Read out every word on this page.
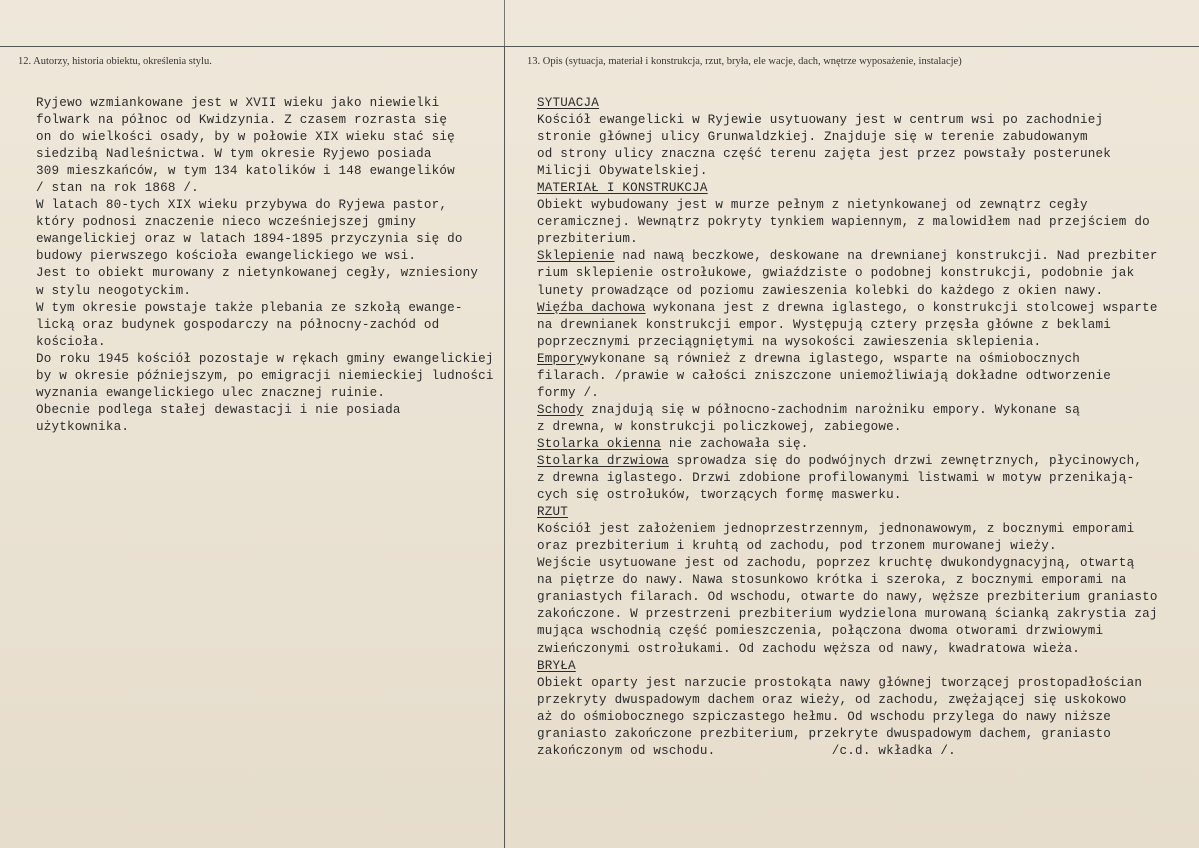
12. Autorzy, historia obiektu, określenia stylu.	13. Opis (sytuacja, materiał i konstrukcja, rzut, bryła, ele wacje, dach, wnętrze wyposażenie, instalacje)
Ryjewo wzmiankowane jest w XVII wieku jako niewielki
folwark na północ od Kwidzynia. Z czasem rozrasta się
on do wielkości osady, by w połowie XIX wieku stać się
siedzibą Nadleśnictwa. W tym okresie Ryjewo posiada
309 mieszkańców, w tym 134 katolików i 148 ewangelików
/ stan na rok 1868 /.
W latach 80-tych XIX wieku przybywa do Ryjewa pastor,
który podnosi znaczenie nieco wcześniejszej gminy
ewangelickiej oraz w latach 1894-1895 przyczynia się do
budowy pierwszego kościoła ewangelickiego we wsi.
Jest to obiekt murowany z nietynkowanej cegły, wzniesiony
w stylu neogotyckim.
W tym okresie powstaje także plebania ze szkołą ewange-
licką oraz budynek gospodarczy na północny-zachód od
kościoła.
Do roku 1945 kościół pozostaje w rękach gminy ewangelickiej
by w okresie późniejszym, po emigracji niemieckiej ludności
wyznania ewangelickiego ulec znacznej ruinie.
Obecnie podlega stałej dewastacji i nie posiada
użytkownika.
SYTUACJA
Kościół ewangelicki w Ryjewie usytuowany jest w centrum wsi po zachodniej
stronie głównej ulicy Grunwaldzkiej. Znajduje się w terenie zabudowanym
od strony ulicy znaczna część terenu zajęta jest przez powstały posterunek
Milicji Obywatelskiej.
MATERIAŁ I KONSTRUKCJA
Obiekt wybudowany jest w murze pełnym z nietynkowanej od zewnątrz cegły
ceramicznej. Wewnątrz pokryty tynkiem wapiennym, z malowidłem nad przejściem do
prezbiterium.
Sklepienie nad nawą beczkowe, deskowane na drewnianej konstrukcji. Nad prezbiter
rium sklepienie ostrołukowe, gwiaździste o podobnej konstrukcji, podobnie jak
lunety prowadzące od poziomu zawieszenia kolebki do każdego z okien nawy.
Więźba dachowa wykonana jest z drewna iglastego, o konstrukcji stolcowej wsparte
na drewnianek konstrukcji empor. Występują cztery przęsła główne z beklami
poprzecznymi przeciągniętymi na wysokości zawieszenia sklepienia.
Emporywykonane są również z drewna iglastego, wsparte na ośmiobocznych
filarach. /prawie w całości zniszczone uniemożliwiają dokładne odtworzenie
formy /.
Schody znajdują się w północno-zachodnim narożniku empory. Wykonane są
z drewna, w konstrukcji policzkowej, zabiegowe.
Stolarka okienna nie zachowała się.
Stolarka drzwiowa sprowadza się do podwójnych drzwi zewnętrznych, płycinowych,
z drewna iglastego. Drzwi zdobione profilowanymi listwami w motyw przenikają-
cych się ostrołuków, tworzących formę maswerku.
RZUT
Kościół jest założeniem jednoprzestrzennym, jednonawowym, z bocznymi emporami
oraz prezbiterium i kruhtą od zachodu, pod trzonem murowanej wieży.
Wejście usytuowane jest od zachodu, poprzez kruchtę dwukondygnacyjną, otwartą
na piętrze do nawy. Nawa stosunkowo krótka i szeroka, z bocznymi emporami na
graniastych filarach. Od wschodu, otwarte do nawy, węższe prezbiterium graniasto
zakończone. W przestrzeni prezbiterium wydzielona murowaną ścianką zakrystia zaj
mująca wschodnią część pomieszczenia, połączona dwoma otworami drzwiowymi
zwieńczonymi ostrołukami. Od zachodu węższa od nawy, kwadratowa wieża.
BRYŁA
Obiekt oparty jest narzucie prostokąta nawy głównej tworzącej prostopadłościan
przekryty dwuspadowym dachem oraz wieży, od zachodu, zwężającej się uskokowo
aż do ośmiobocznego szpiczastego hełmu. Od wschodu przylega do nawy niższe
graniasto zakończone prezbiterium, przekryte dwuspadowym dachem, graniasto
zakończonym od wschodu.               /c.d. wkładka /.
